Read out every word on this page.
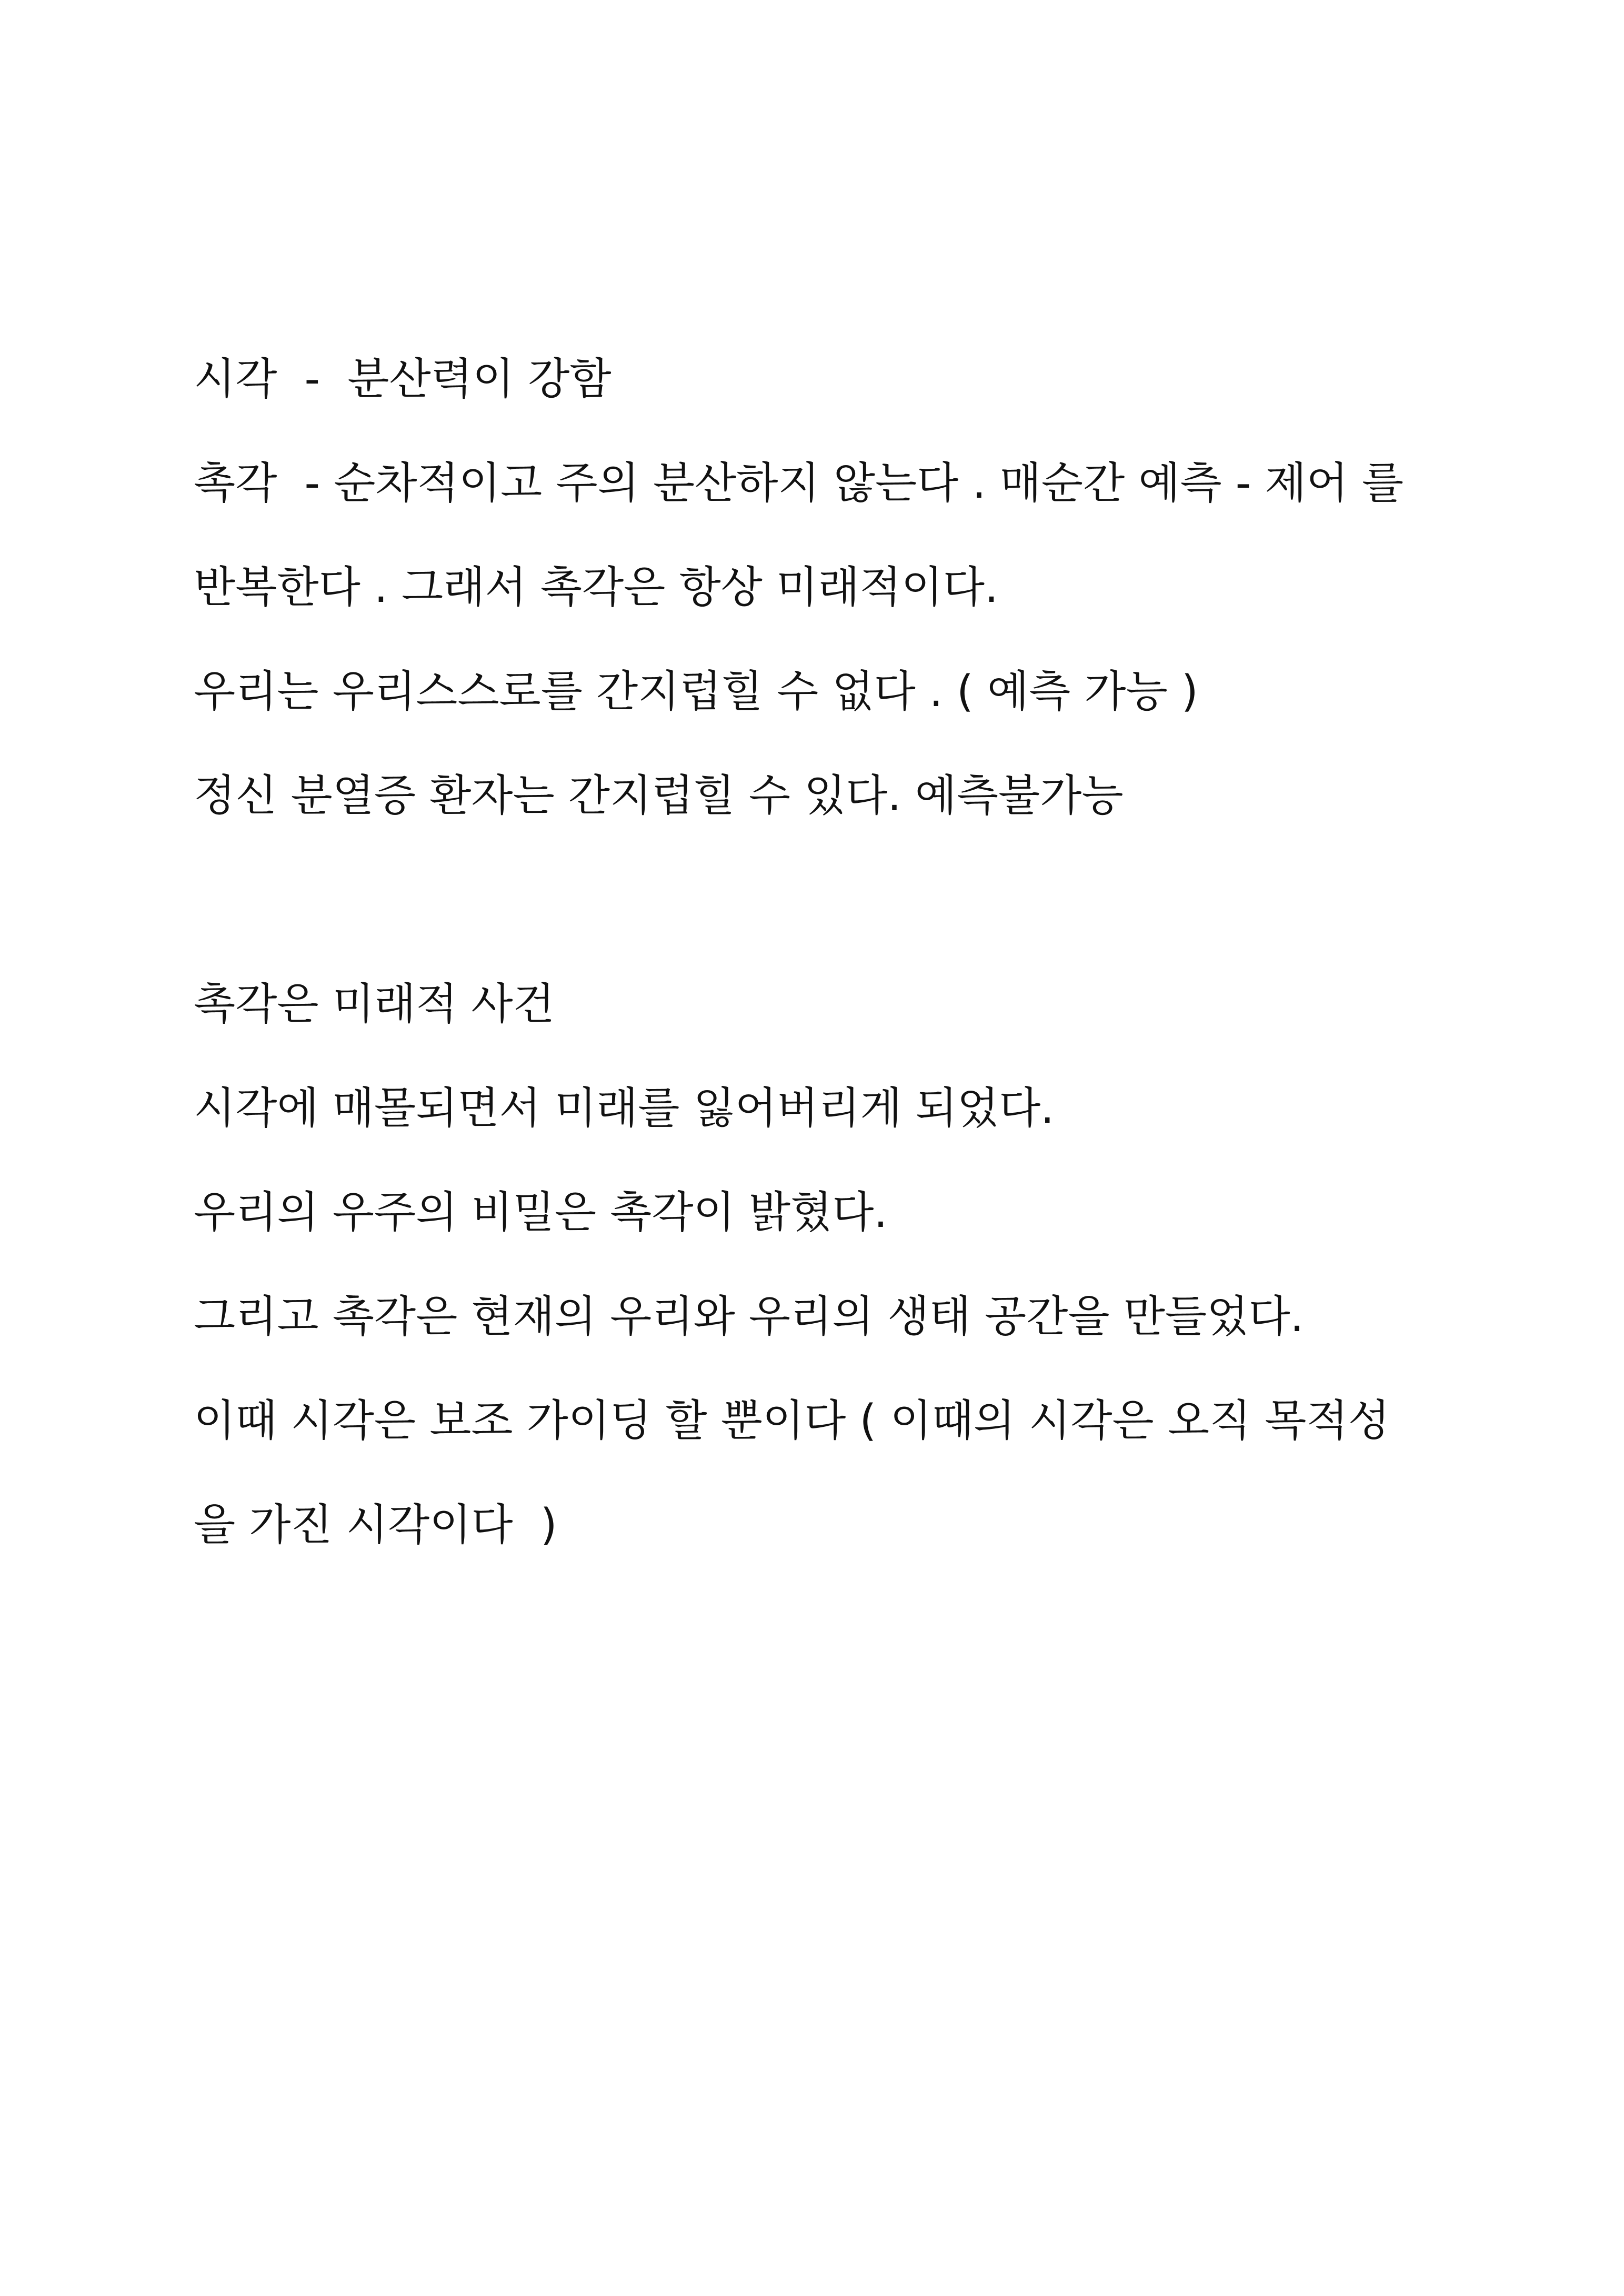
시각  -  분산력이 강함
촉각  - 순차적이고 주의 분산하지 않는다 . 매순간 예측 - 제어 를
반복한다 . 그래서 촉각은 항상 미래적이다.
우리는 우리스스로를 간지럽힐 수 없다 . ( 예측 가능 )
정신 분열증 환자는 간지럽힐 수 있다. 예측불가능
촉각은 미래적 사건
시각에 매몰되면서 미래를 잃어버리게 되었다.
우리의 우주의 비밀은 촉각이 밝혔다.
그리고 촉각은 현재의 우리와 우리의 생태 공간을 만들었다.
이때 시각은 보조 가이딩 할 뿐이다 ( 이때의 시각은 오직 목적성
을 가진 시각이다  )
